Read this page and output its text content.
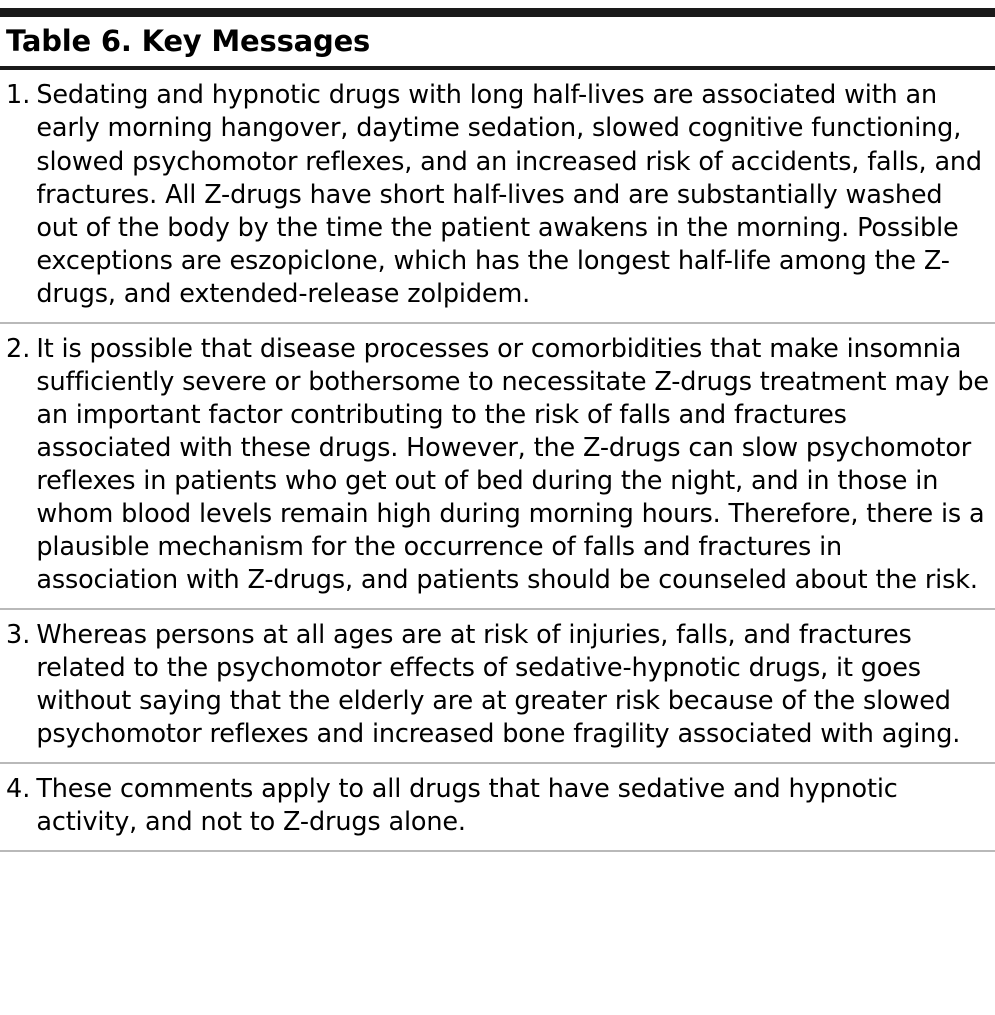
Table 6. Key Messages
1. Sedating and hypnotic drugs with long half-lives are associated with an early morning hangover, daytime sedation, slowed cognitive functioning, slowed psychomotor reflexes, and an increased risk of accidents, falls, and fractures. All Z-drugs have short half-lives and are substantially washed out of the body by the time the patient awakens in the morning. Possible exceptions are eszopiclone, which has the longest half-life among the Z-drugs, and extended-release zolpidem.
2. It is possible that disease processes or comorbidities that make insomnia sufficiently severe or bothersome to necessitate Z-drugs treatment may be an important factor contributing to the risk of falls and fractures associated with these drugs. However, the Z-drugs can slow psychomotor reflexes in patients who get out of bed during the night, and in those in whom blood levels remain high during morning hours. Therefore, there is a plausible mechanism for the occurrence of falls and fractures in association with Z-drugs, and patients should be counseled about the risk.
3. Whereas persons at all ages are at risk of injuries, falls, and fractures related to the psychomotor effects of sedative-hypnotic drugs, it goes without saying that the elderly are at greater risk because of the slowed psychomotor reflexes and increased bone fragility associated with aging.
4. These comments apply to all drugs that have sedative and hypnotic activity, and not to Z-drugs alone.
